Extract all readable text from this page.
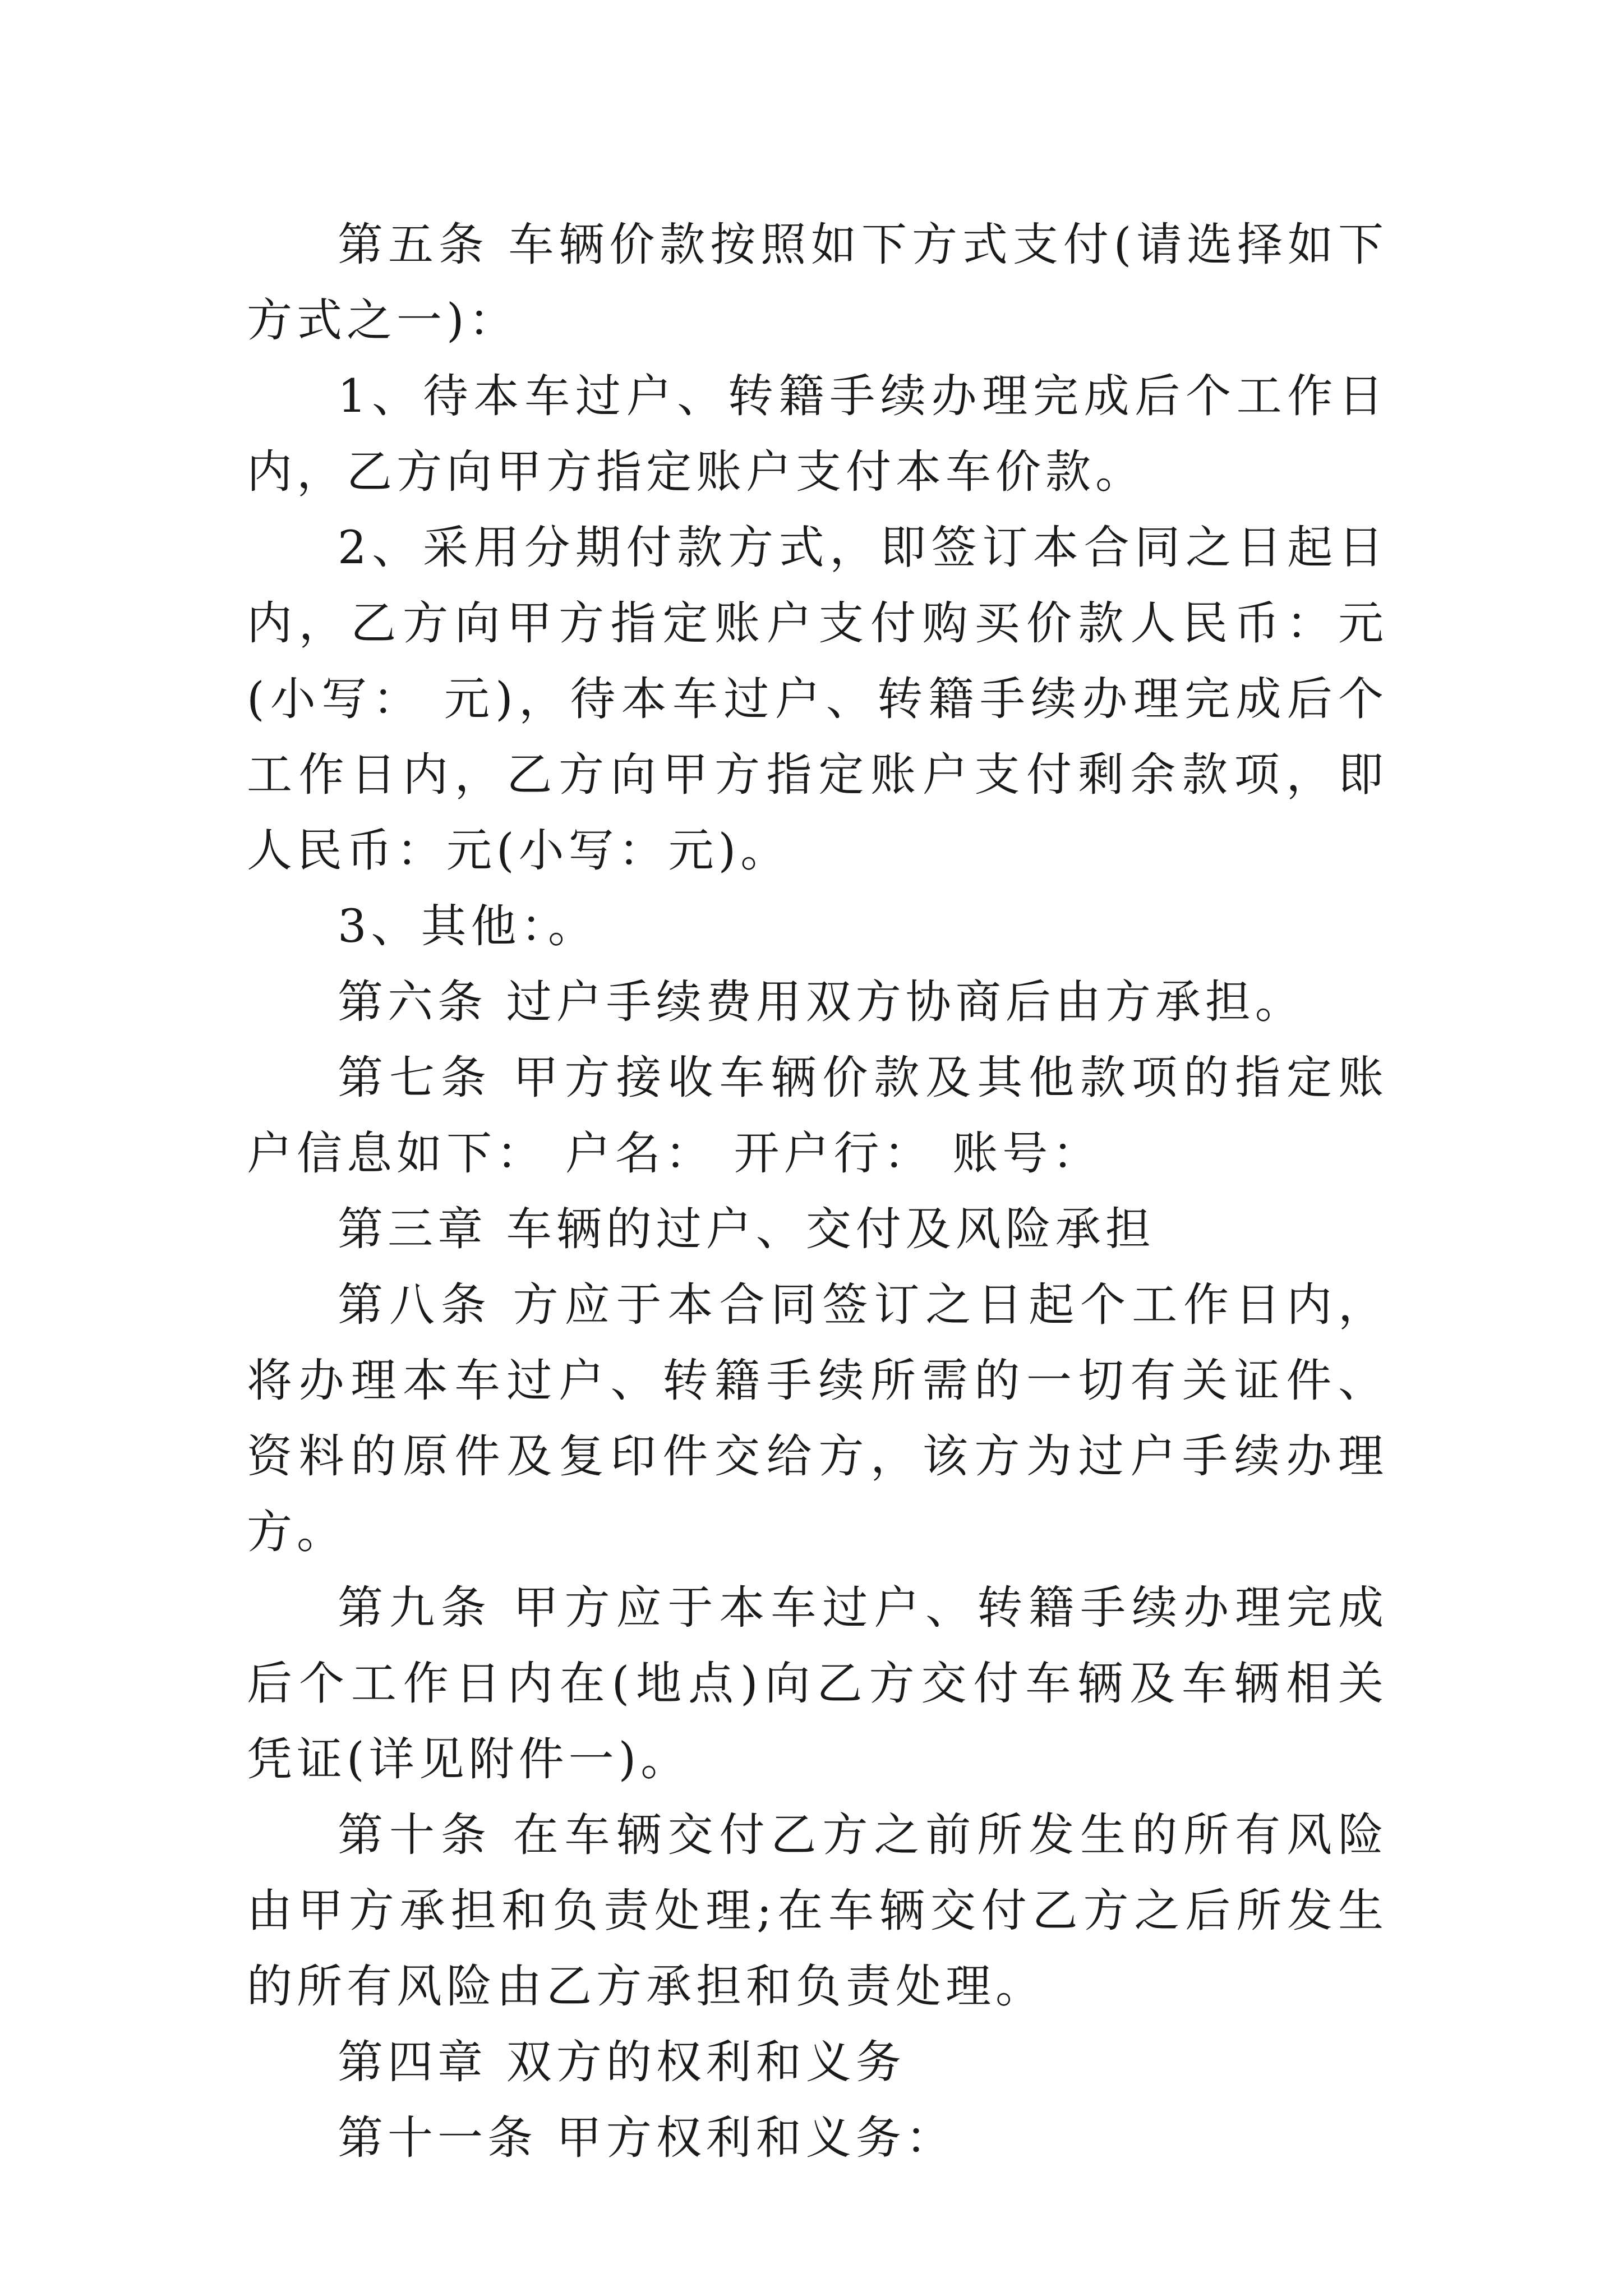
第五条 车辆价款按照如下方式支付(请选择如下方式之一)：

1、待本车过户、转籍手续办理完成后个工作日内，乙方向甲方指定账户支付本车价款。

2、采用分期付款方式，即签订本合同之日起日内，乙方向甲方指定账户支付购买价款人民币：元(小写： 元)，待本车过户、转籍手续办理完成后个工作日内，乙方向甲方指定账户支付剩余款项，即人民币：元(小写：元)。

3、其他：。

第六条 过户手续费用双方协商后由方承担。

第七条 甲方接收车辆价款及其他款项的指定账户信息如下： 户名： 开户行： 账号：

第三章 车辆的过户、交付及风险承担

第八条 方应于本合同签订之日起个工作日内，将办理本车过户、转籍手续所需的一切有关证件、资料的原件及复印件交给方，该方为过户手续办理方。

第九条 甲方应于本车过户、转籍手续办理完成后个工作日内在(地点)向乙方交付车辆及车辆相关凭证(详见附件一)。

第十条 在车辆交付乙方之前所发生的所有风险由甲方承担和负责处理;在车辆交付乙方之后所发生的所有风险由乙方承担和负责处理。

第四章 双方的权利和义务

第十一条 甲方权利和义务：
